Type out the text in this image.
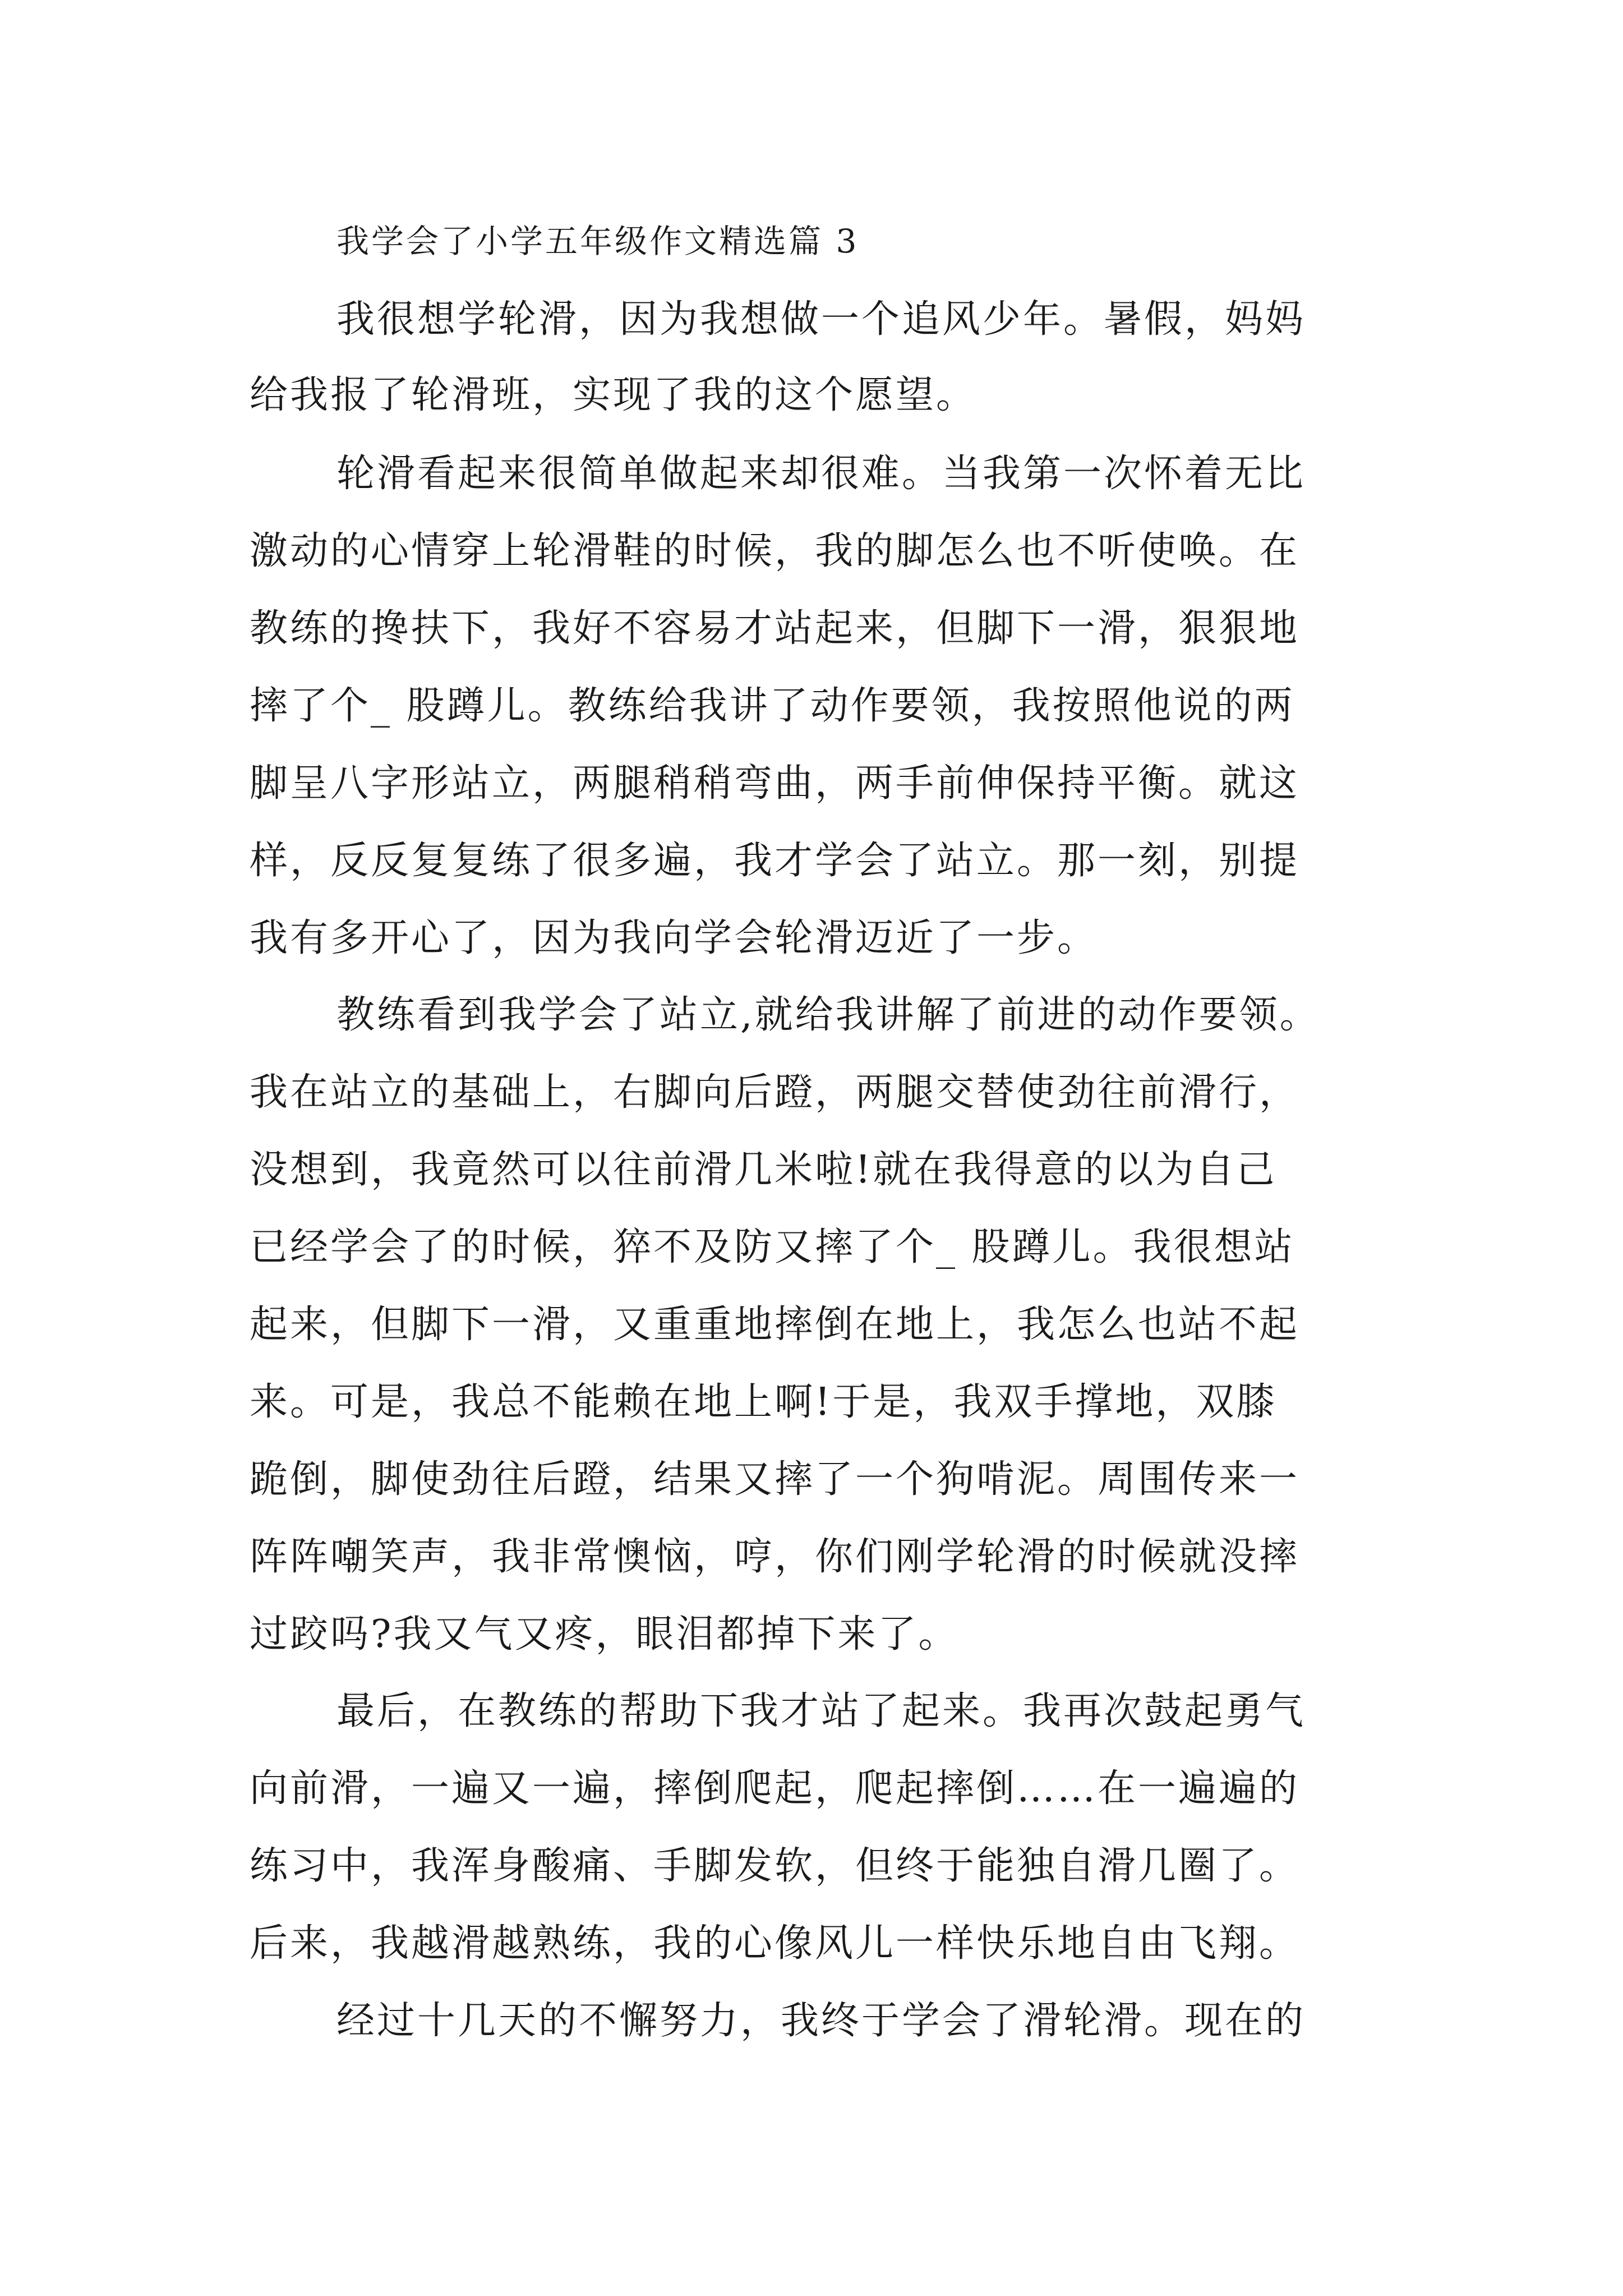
我学会了小学五年级作文精选篇 3
我很想学轮滑，因为我想做一个追风少年。暑假，妈妈
给我报了轮滑班，实现了我的这个愿望。
轮滑看起来很简单做起来却很难。当我第一次怀着无比
激动的心情穿上轮滑鞋的时候，我的脚怎么也不听使唤。在
教练的搀扶下，我好不容易才站起来，但脚下一滑，狠狠地
摔了个_ 股蹲儿。教练给我讲了动作要领，我按照他说的两
脚呈八字形站立，两腿稍稍弯曲，两手前伸保持平衡。就这
样，反反复复练了很多遍，我才学会了站立。那一刻，别提
我有多开心了，因为我向学会轮滑迈近了一步。
教练看到我学会了站立,就给我讲解了前进的动作要领。
我在站立的基础上，右脚向后蹬，两腿交替使劲往前滑行，
没想到，我竟然可以往前滑几米啦!就在我得意的以为自己
已经学会了的时候，猝不及防又摔了个_ 股蹲儿。我很想站
起来，但脚下一滑，又重重地摔倒在地上，我怎么也站不起
来。可是，我总不能赖在地上啊!于是，我双手撑地，双膝
跪倒，脚使劲往后蹬，结果又摔了一个狗啃泥。周围传来一
阵阵嘲笑声，我非常懊恼，哼，你们刚学轮滑的时候就没摔
过跤吗?我又气又疼，眼泪都掉下来了。
最后，在教练的帮助下我才站了起来。我再次鼓起勇气
向前滑，一遍又一遍，摔倒爬起，爬起摔倒……在一遍遍的
练习中，我浑身酸痛、手脚发软，但终于能独自滑几圈了。
后来，我越滑越熟练，我的心像风儿一样快乐地自由飞翔。
经过十几天的不懈努力，我终于学会了滑轮滑。现在的
